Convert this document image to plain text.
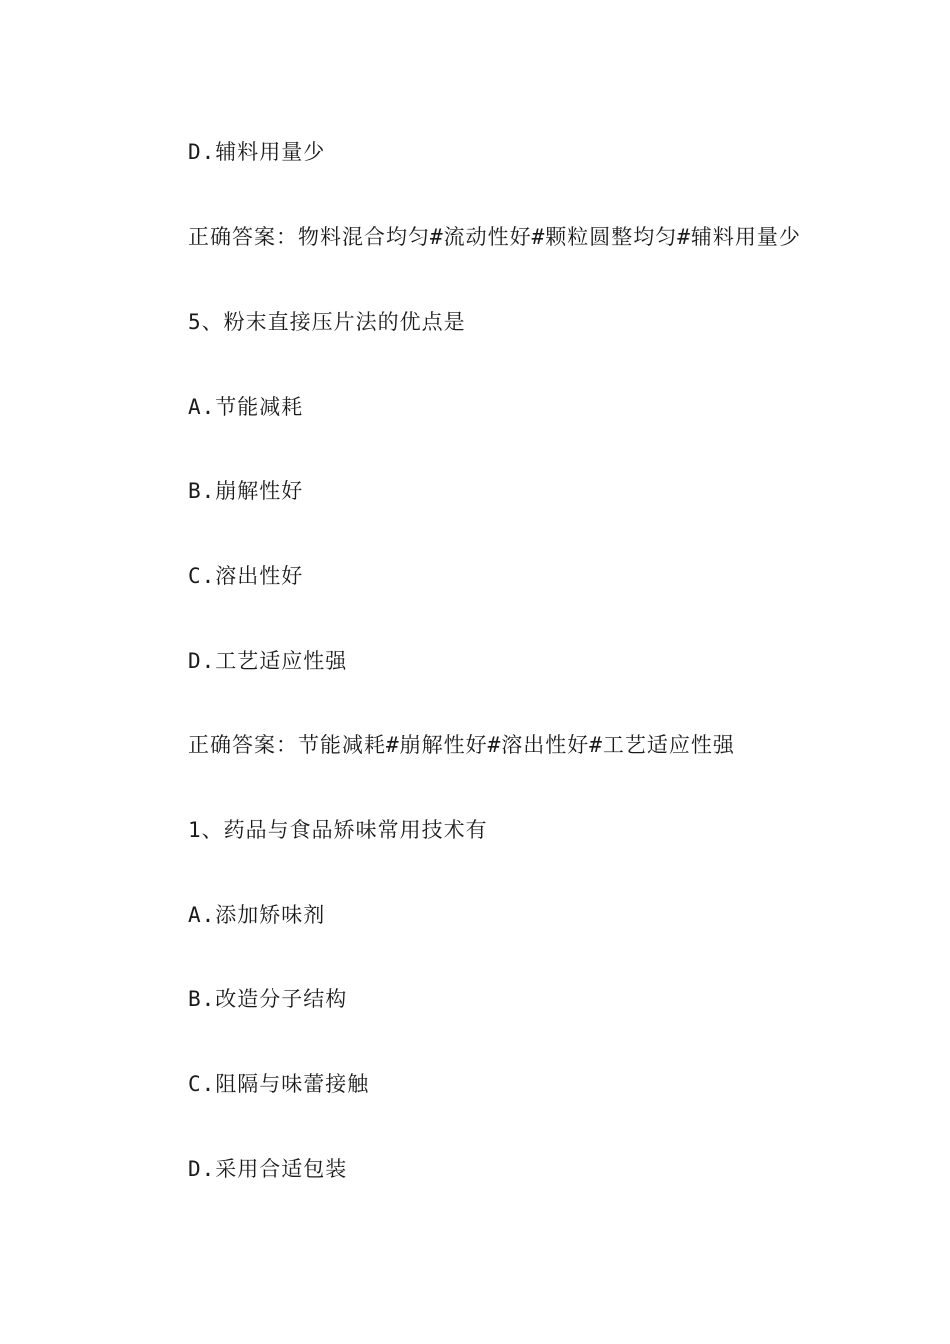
D.辅料用量少
正确答案：物料混合均匀#流动性好#颗粒圆整均匀#辅料用量少
5、粉末直接压片法的优点是
A.节能减耗
B.崩解性好
C.溶出性好
D.工艺适应性强
正确答案：节能减耗#崩解性好#溶出性好#工艺适应性强
1、药品与食品矫味常用技术有
A.添加矫味剂
B.改造分子结构
C.阻隔与味蕾接触
D.采用合适包装
